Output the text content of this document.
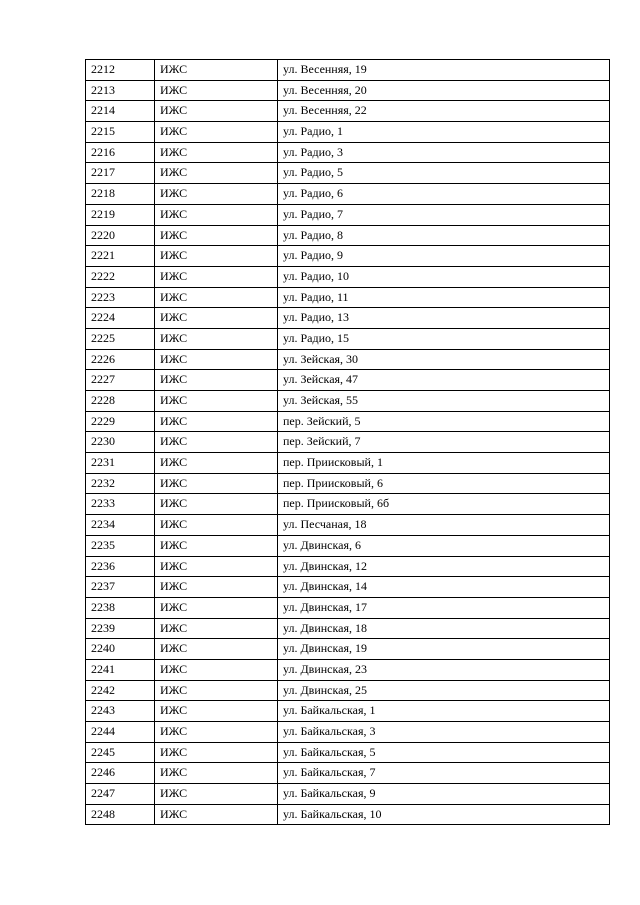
2212	ИЖС	ул. Весенняя, 19

2213	ИЖС	ул. Весенняя, 20

2214	ИЖС	ул. Весенняя, 22

2215	ИЖС	ул. Радио, 1

2216	ИЖС	ул. Радио, 3

2217	ИЖС	ул. Радио, 5

2218	ИЖС	ул. Радио, 6

2219	ИЖС	ул. Радио, 7

2220	ИЖС	ул. Радио, 8

2221	ИЖС	ул. Радио, 9

2222	ИЖС	ул. Радио, 10

2223	ИЖС	ул. Радио, 11

2224	ИЖС	ул. Радио, 13

2225	ИЖС	ул. Радио, 15

2226	ИЖС	ул. Зейская, 30

2227	ИЖС	ул. Зейская, 47

2228	ИЖС	ул. Зейская, 55

2229	ИЖС	пер. Зейский, 5

2230	ИЖС	пер. Зейский, 7

2231	ИЖС	пер. Приисковый, 1

2232	ИЖС	пер. Приисковый, 6

2233	ИЖС	пер. Приисковый, 6б

2234	ИЖС	ул. Песчаная, 18

2235	ИЖС	ул. Двинская, 6

2236	ИЖС	ул. Двинская, 12

2237	ИЖС	ул. Двинская, 14

2238	ИЖС	ул. Двинская, 17

2239	ИЖС	ул. Двинская, 18

2240	ИЖС	ул. Двинская, 19

2241	ИЖС	ул. Двинская, 23

2242	ИЖС	ул. Двинская, 25

2243	ИЖС	ул. Байкальская, 1

2244	ИЖС	ул. Байкальская, 3

2245	ИЖС	ул. Байкальская, 5

2246	ИЖС	ул. Байкальская, 7

2247	ИЖС	ул. Байкальская, 9

2248	ИЖС	ул. Байкальская, 10
